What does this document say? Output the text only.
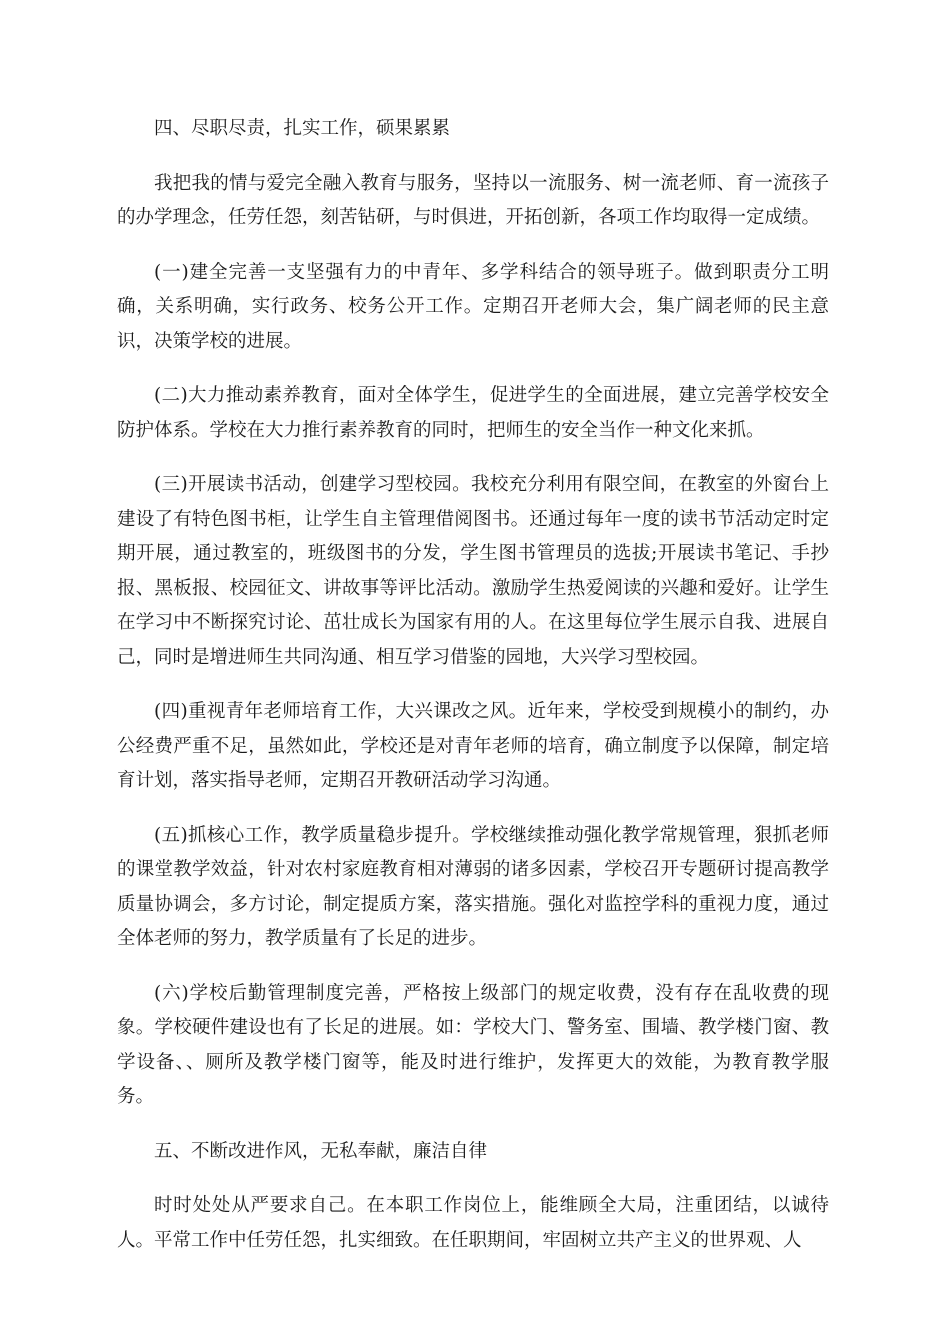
四、尽职尽责，扎实工作，硕果累累

我把我的情与爱完全融入教育与服务，坚持以一流服务、树一流老师、育一流孩子的办学理念，任劳任怨，刻苦钻研，与时俱进，开拓创新，各项工作均取得一定成绩。

(一)建全完善一支坚强有力的中青年、多学科结合的领导班子。做到职责分工明确，关系明确，实行政务、校务公开工作。定期召开老师大会，集广阔老师的民主意识，决策学校的进展。

(二)大力推动素养教育，面对全体学生，促进学生的全面进展，建立完善学校安全防护体系。学校在大力推行素养教育的同时，把师生的安全当作一种文化来抓。

(三)开展读书活动，创建学习型校园。我校充分利用有限空间，在教室的外窗台上建设了有特色图书柜，让学生自主管理借阅图书。还通过每年一度的读书节活动定时定期开展，通过教室的，班级图书的分发，学生图书管理员的选拔;开展读书笔记、手抄报、黑板报、校园征文、讲故事等评比活动。激励学生热爱阅读的兴趣和爱好。让学生在学习中不断探究讨论、茁壮成长为国家有用的人。在这里每位学生展示自我、进展自己，同时是增进师生共同沟通、相互学习借鉴的园地，大兴学习型校园。

(四)重视青年老师培育工作，大兴课改之风。近年来，学校受到规模小的制约，办公经费严重不足，虽然如此，学校还是对青年老师的培育，确立制度予以保障，制定培育计划，落实指导老师，定期召开教研活动学习沟通。

(五)抓核心工作，教学质量稳步提升。学校继续推动强化教学常规管理，狠抓老师的课堂教学效益，针对农村家庭教育相对薄弱的诸多因素，学校召开专题研讨提高教学质量协调会，多方讨论，制定提质方案，落实措施。强化对监控学科的重视力度，通过全体老师的努力，教学质量有了长足的进步。

(六)学校后勤管理制度完善，严格按上级部门的规定收费，没有存在乱收费的现象。学校硬件建设也有了长足的进展。如：学校大门、警务室、围墙、教学楼门窗、教学设备、、厕所及教学楼门窗等，能及时进行维护，发挥更大的效能，为教育教学服务。

五、不断改进作风，无私奉献，廉洁自律

时时处处从严要求自己。在本职工作岗位上，能维顾全大局，注重团结，以诚待人。平常工作中任劳任怨，扎实细致。在任职期间，牢固树立共产主义的世界观、人
